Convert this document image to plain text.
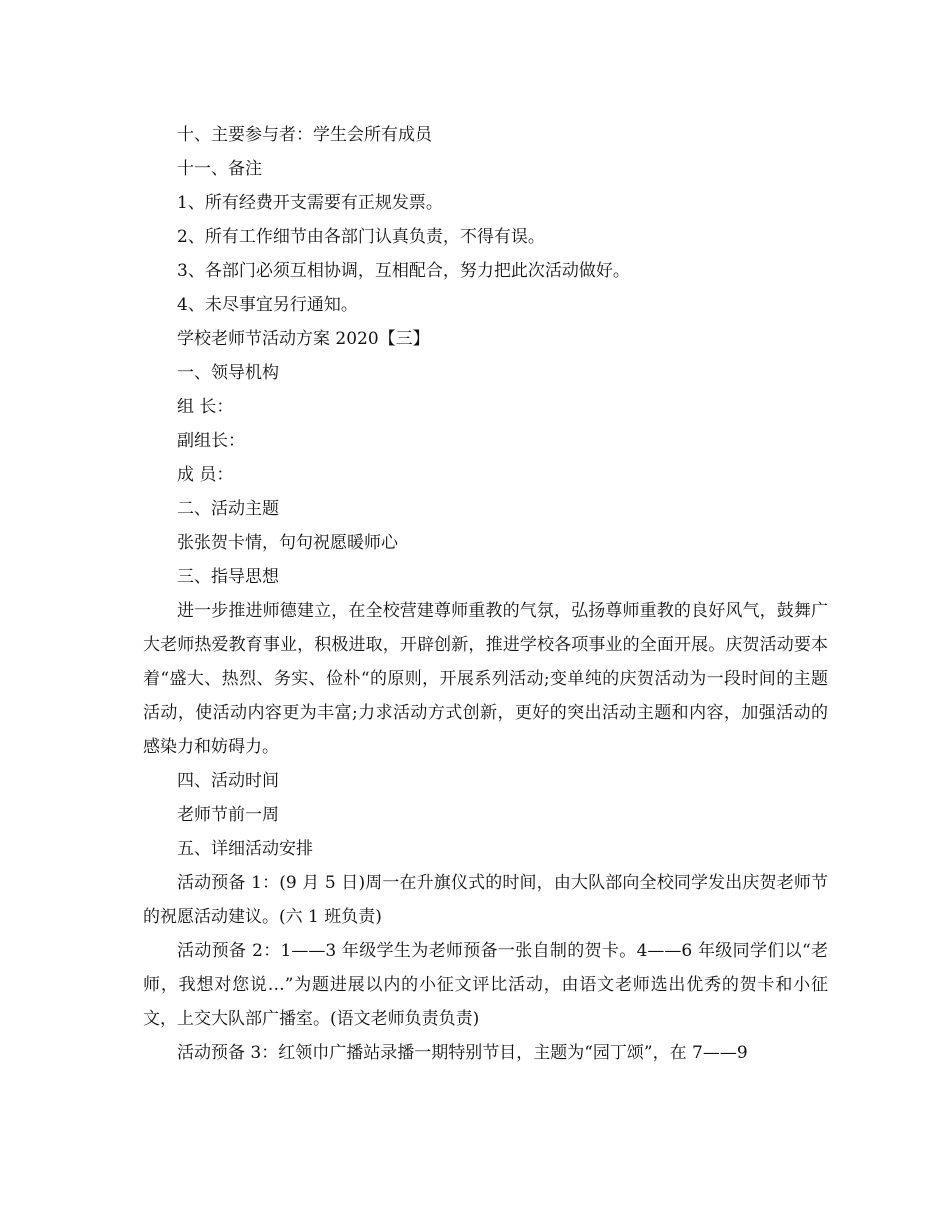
十、主要参与者：学生会所有成员
十一、备注
1、所有经费开支需要有正规发票。
2、所有工作细节由各部门认真负责，不得有误。
3、各部门必须互相协调，互相配合，努力把此次活动做好。
4、未尽事宜另行通知。
学校老师节活动方案 2020【三】
一、领导机构
组 长：
副组长：
成 员：
二、活动主题
张张贺卡情，句句祝愿暖师心
三、指导思想
进一步推进师德建立，在全校营建尊师重教的气氛，弘扬尊师重教的良好风气，鼓舞广大老师热爱教育事业，积极进取，开辟创新，推进学校各项事业的全面开展。庆贺活动要本着“盛大、热烈、务实、俭朴“的原则，开展系列活动;变单纯的庆贺活动为一段时间的主题活动，使活动内容更为丰富;力求活动方式创新，更好的突出活动主题和内容，加强活动的感染力和妨碍力。
四、活动时间
老师节前一周
五、详细活动安排
活动预备 1：(9 月 5 日)周一在升旗仪式的时间，由大队部向全校同学发出庆贺老师节的祝愿活动建议。(六 1 班负责)
活动预备 2：1——3 年级学生为老师预备一张自制的贺卡。4——6 年级同学们以“老师，我想对您说…”为题进展以内的小征文评比活动，由语文老师选出优秀的贺卡和小征文，上交大队部广播室。(语文老师负责负责)
活动预备 3：红领巾广播站录播一期特别节目，主题为“园丁颂”，在 7——9
